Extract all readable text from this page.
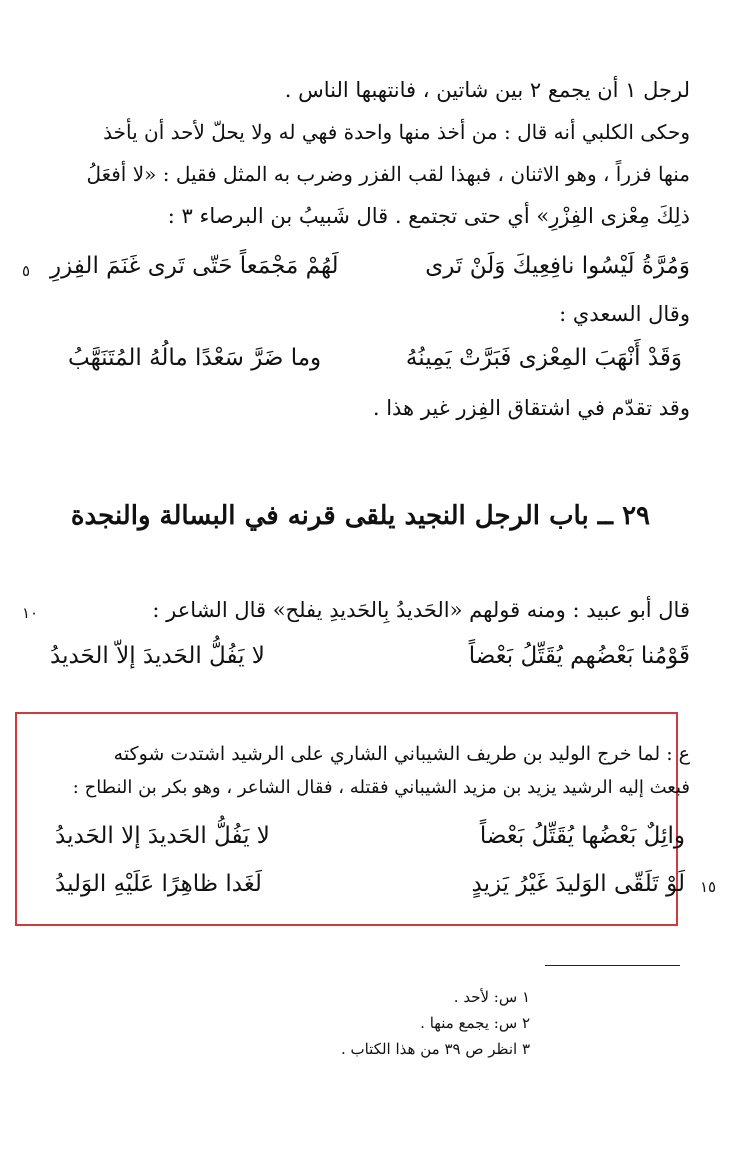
لرجل ١ أن يجمع ٢ بين شاتين ، فانتهبها الناس .
وحكى الكلبي أنه قال : من أخذ منها واحدة فهي له ولا يحلّ لأحد أن يأخذ
منها فزراً ، وهو الاثنان ، فبهذا لقب الفزر وضرب به المثل فقيل : «لا أفعَلُ
ذلِكَ مِعْزى الفِزْرِ» أي حتى تجتمع . قال شَبيبُ بن البرصاء ٣ :
وَمُرَّةُ لَيْسُوا نافِعِيكَ وَلَنْ تَرى
لَهُمْ مَجْمَعاً حَتّى تَرى غَنَمَ الفِزرِ
٥
وقال السعدي :
وَقَدْ أَنْهَبَ المِعْزى فَبَرَّتْ يَمِينُهُ
وما ضَرَّ سَعْدًا مالُهُ المُتَنَهَّبُ
وقد تقدّم في اشتقاق الفِزر غير هذا .
٢٩ ــ باب الرجل النجيد يلقى قرنه في البسالة والنجدة
قال أبو عبيد : ومنه قولهم «الحَديدُ بِالحَديدِ يفلح» قال الشاعر :
١٠
قَوْمُنا بَعْضُهم يُقَتِّلُ بَعْضاً
لا يَفُلُّ الحَديدَ إلاّ الحَديدُ
ع : لما خرج الوليد بن طريف الشيباني الشاري على الرشيد اشتدت شوكته
فبعث إليه الرشيد يزيد بن مزيد الشيباني فقتله ، فقال الشاعر ، وهو بكر بن النطاح :
وائِلٌ بَعْضُها يُقَتِّلُ بَعْضاً
لا يَفُلُّ الحَديدَ إلا الحَديدُ
لَوْ تَلَقّى الوَليدَ غَيْرُ يَزيدٍ
لَغَدا ظاهِرًا عَلَيْهِ الوَليدُ	١٥
١ س: لأحد .
٢ س: يجمع منها .
٣ انظر ص ٣٩ من هذا الكتاب .
